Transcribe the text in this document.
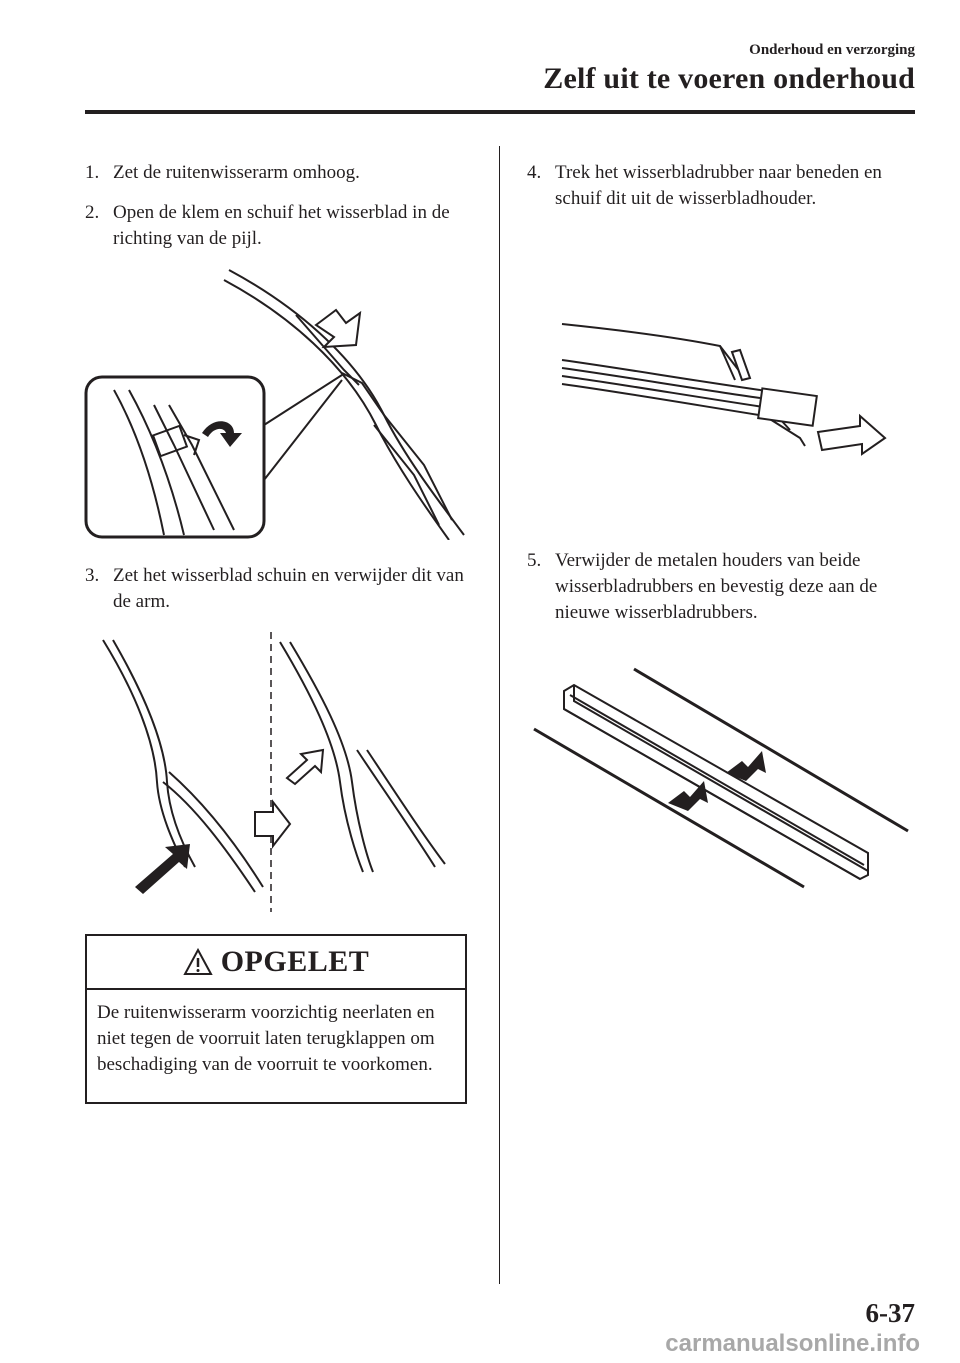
Onderhoud en verzorging
Zelf uit te voeren onderhoud
1. Zet de ruitenwisserarm omhoog.
2. Open de klem en schuif het wisserblad in de richting van de pijl.
3. Zet het wisserblad schuin en verwijder dit van de arm.
OPGELET
De ruitenwisserarm voorzichtig neerlaten en niet tegen de voorruit laten terugklappen om beschadiging van de voorruit te voorkomen.
4. Trek het wisserbladrubber naar beneden en schuif dit uit de wisserbladhouder.
5. Verwijder de metalen houders van beide wisserbladrubbers en bevestig deze aan de nieuwe wisserbladrubbers.
6-37
carmanualsonline.info
